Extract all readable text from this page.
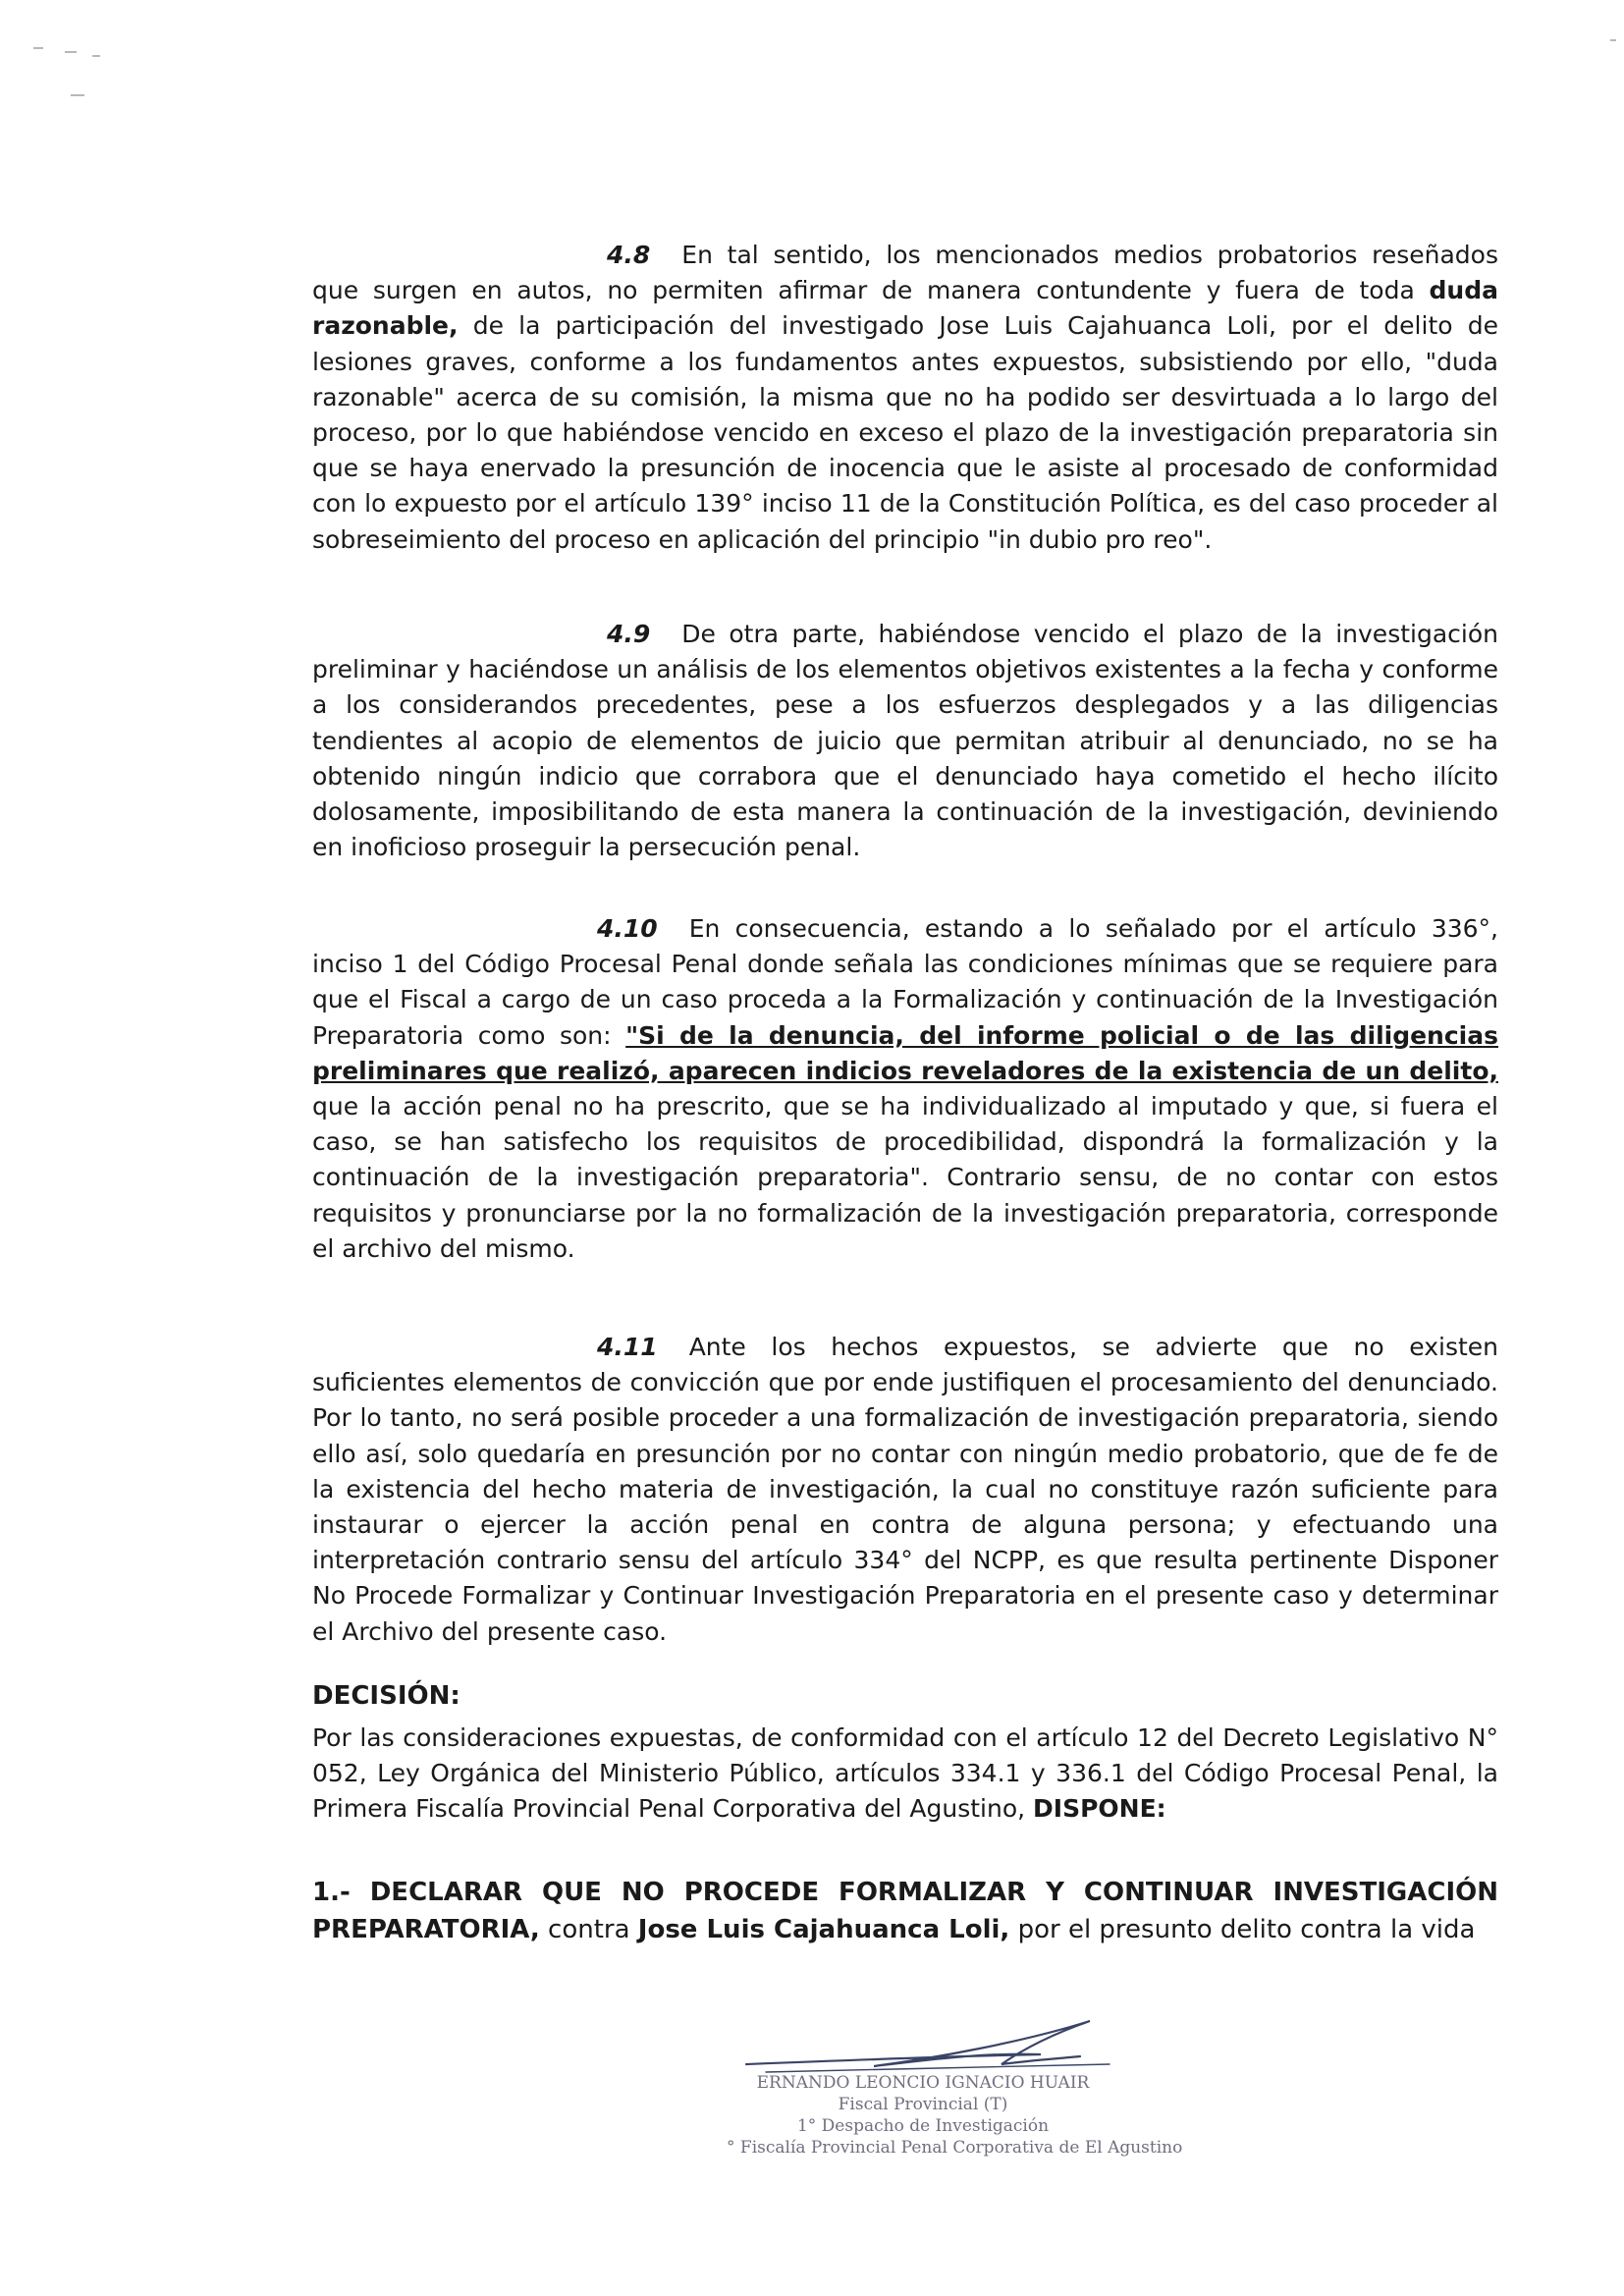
4.8 En tal sentido, los mencionados medios probatorios reseñados que surgen en autos, no permiten afirmar de manera contundente y fuera de toda duda razonable, de la participación del investigado Jose Luis Cajahuanca Loli, por el delito de lesiones graves, conforme a los fundamentos antes expuestos, subsistiendo por ello, "duda razonable" acerca de su comisión, la misma que no ha podido ser desvirtuada a lo largo del proceso, por lo que habiéndose vencido en exceso el plazo de la investigación preparatoria sin que se haya enervado la presunción de inocencia que le asiste al procesado de conformidad con lo expuesto por el artículo 139° inciso 11 de la Constitución Política, es del caso proceder al sobreseimiento del proceso en aplicación del principio "in dubio pro reo".

4.9 De otra parte, habiéndose vencido el plazo de la investigación preliminar y haciéndose un análisis de los elementos objetivos existentes a la fecha y conforme a los considerandos precedentes, pese a los esfuerzos desplegados y a las diligencias tendientes al acopio de elementos de juicio que permitan atribuir al denunciado, no se ha obtenido ningún indicio que corrabora que el denunciado haya cometido el hecho ilícito dolosamente, imposibilitando de esta manera la continuación de la investigación, deviniendo en inoficioso proseguir la persecución penal.

4.10 En consecuencia, estando a lo señalado por el artículo 336°, inciso 1 del Código Procesal Penal donde señala las condiciones mínimas que se requiere para que el Fiscal a cargo de un caso proceda a la Formalización y continuación de la Investigación Preparatoria como son: "Si de la denuncia, del informe policial o de las diligencias preliminares que realizó, aparecen indicios reveladores de la existencia de un delito, que la acción penal no ha prescrito, que se ha individualizado al imputado y que, si fuera el caso, se han satisfecho los requisitos de procedibilidad, dispondrá la formalización y la continuación de la investigación preparatoria". Contrario sensu, de no contar con estos requisitos y pronunciarse por la no formalización de la investigación preparatoria, corresponde el archivo del mismo.

4.11 Ante los hechos expuestos, se advierte que no existen suficientes elementos de convicción que por ende justifiquen el procesamiento del denunciado. Por lo tanto, no será posible proceder a una formalización de investigación preparatoria, siendo ello así, solo quedaría en presunción por no contar con ningún medio probatorio, que de fe de la existencia del hecho materia de investigación, la cual no constituye razón suficiente para instaurar o ejercer la acción penal en contra de alguna persona; y efectuando una interpretación contrario sensu del artículo 334° del NCPP, es que resulta pertinente Disponer No Procede Formalizar y Continuar Investigación Preparatoria en el presente caso y determinar el Archivo del presente caso.

DECISIÓN:

Por las consideraciones expuestas, de conformidad con el artículo 12 del Decreto Legislativo N° 052, Ley Orgánica del Ministerio Público, artículos 334.1 y 336.1 del Código Procesal Penal, la Primera Fiscalía Provincial Penal Corporativa del Agustino, DISPONE:

1.- DECLARAR QUE NO PROCEDE FORMALIZAR Y CONTINUAR INVESTIGACIÓN PREPARATORIA, contra Jose Luis Cajahuanca Loli, por el presunto delito contra la vida

ERNANDO LEONCIO IGNACIO HUAIR
Fiscal Provincial (T)
1° Despacho de Investigación
° Fiscalía Provincial Penal Corporativa de El Agustino
